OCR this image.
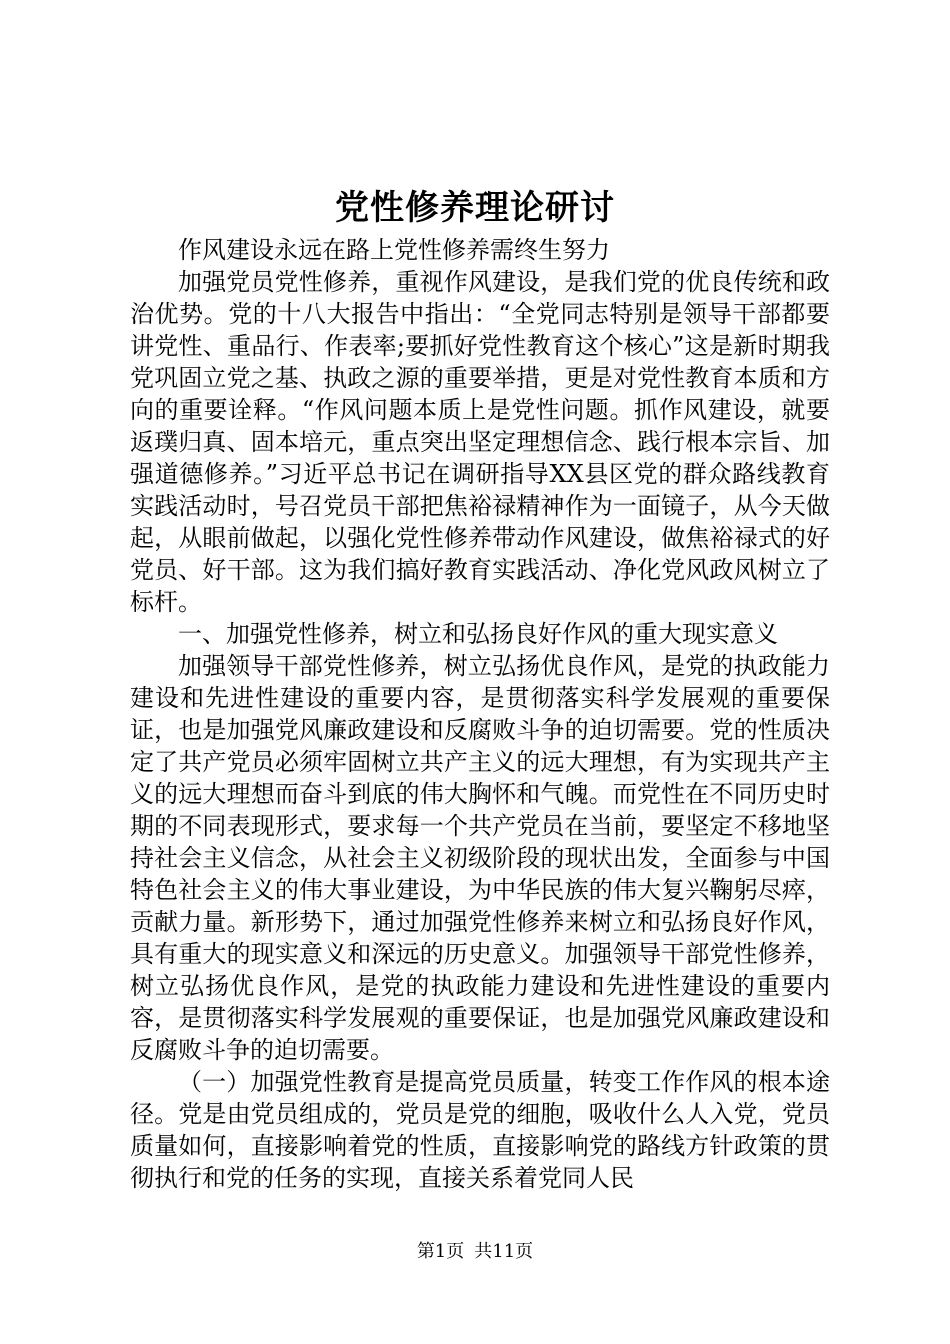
党性修养理论研讨

作风建设永远在路上党性修养需终生努力

加强党员党性修养，重视作风建设，是我们党的优良传统和政治优势。党的十八大报告中指出：“全党同志特别是领导干部都要讲党性、重品行、作表率;要抓好党性教育这个核心”这是新时期我党巩固立党之基、执政之源的重要举措，更是对党性教育本质和方向的重要诠释。“作风问题本质上是党性问题。抓作风建设，就要返璞归真、固本培元，重点突出坚定理想信念、践行根本宗旨、加强道德修养。”习近平总书记在调研指导XX县区党的群众路线教育实践活动时，号召党员干部把焦裕禄精神作为一面镜子，从今天做起，从眼前做起，以强化党性修养带动作风建设，做焦裕禄式的好党员、好干部。这为我们搞好教育实践活动、净化党风政风树立了标杆。

一、加强党性修养，树立和弘扬良好作风的重大现实意义

加强领导干部党性修养，树立弘扬优良作风，是党的执政能力建设和先进性建设的重要内容，是贯彻落实科学发展观的重要保证，也是加强党风廉政建设和反腐败斗争的迫切需要。党的性质决定了共产党员必须牢固树立共产主义的远大理想，有为实现共产主义的远大理想而奋斗到底的伟大胸怀和气魄。而党性在不同历史时期的不同表现形式，要求每一个共产党员在当前，要坚定不移地坚持社会主义信念，从社会主义初级阶段的现状出发，全面参与中国特色社会主义的伟大事业建设，为中华民族的伟大复兴鞠躬尽瘁，贡献力量。新形势下，通过加强党性修养来树立和弘扬良好作风，具有重大的现实意义和深远的历史意义。加强领导干部党性修养，树立弘扬优良作风，是党的执政能力建设和先进性建设的重要内容，是贯彻落实科学发展观的重要保证，也是加强党风廉政建设和反腐败斗争的迫切需要。

（一）加强党性教育是提高党员质量，转变工作作风的根本途径。党是由党员组成的，党员是党的细胞，吸收什么人入党，党员质量如何，直接影响着党的性质，直接影响党的路线方针政策的贯彻执行和党的任务的实现，直接关系着党同人民

第1页 共11页
